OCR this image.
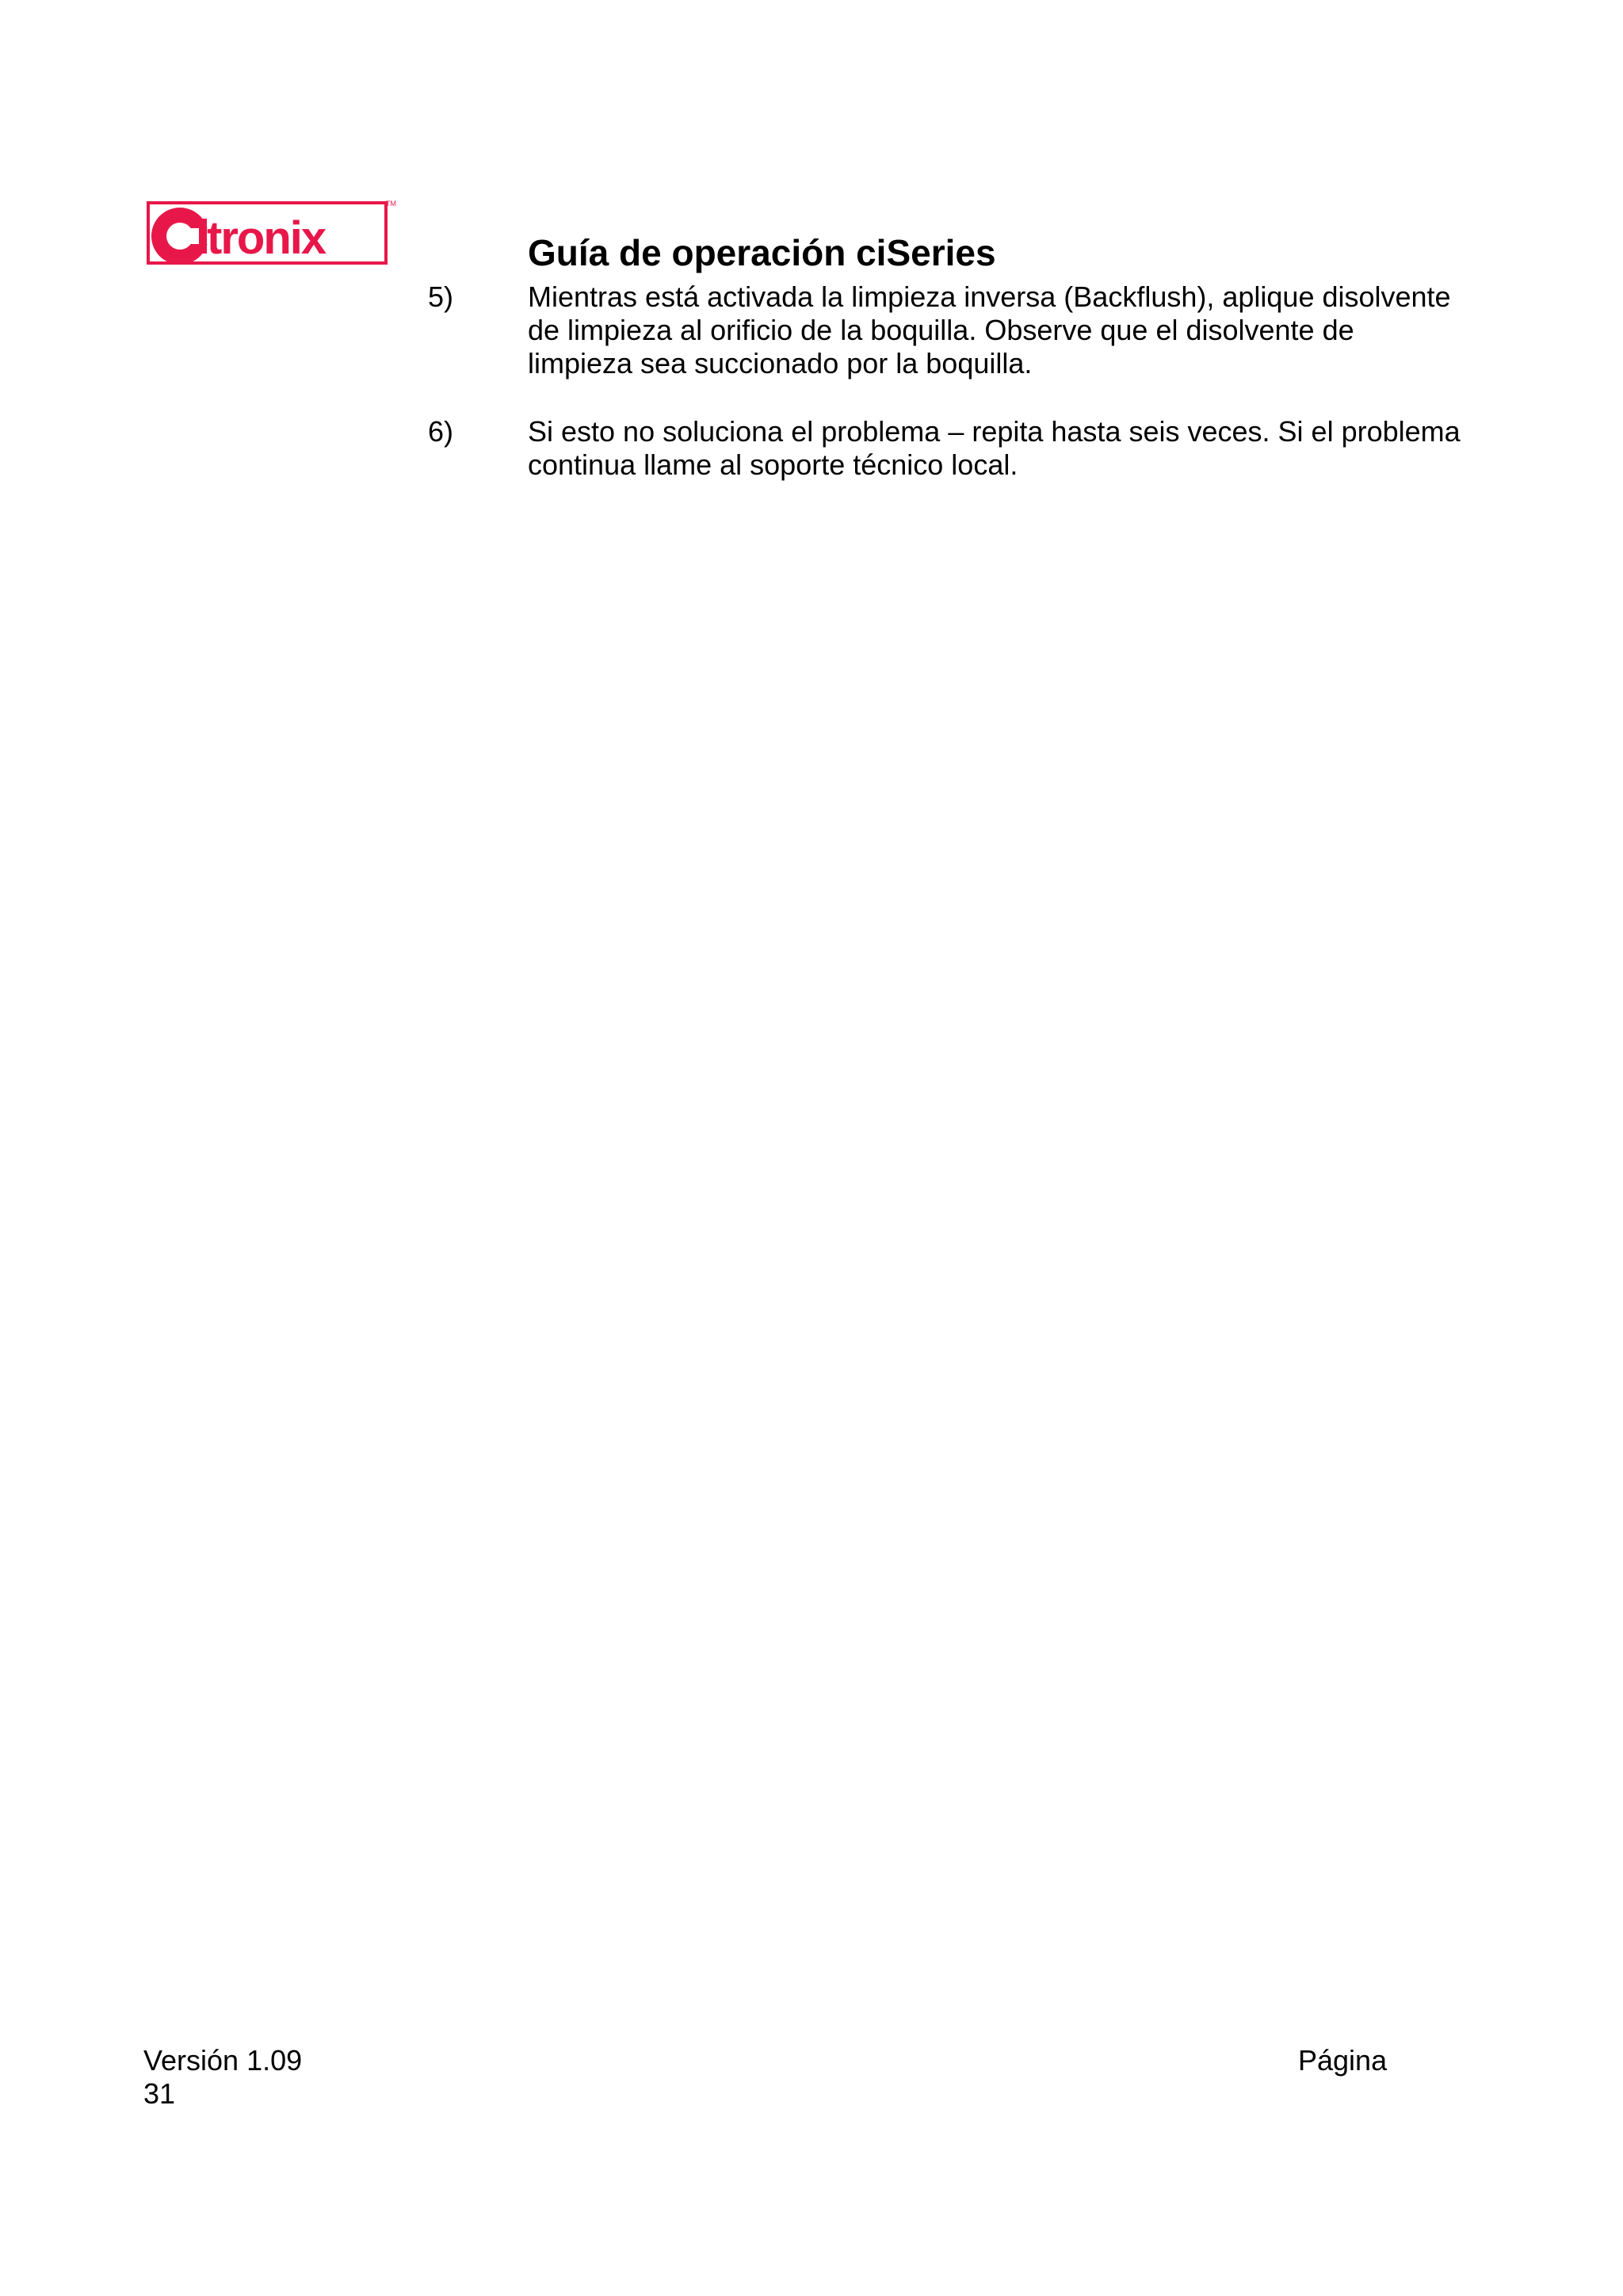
tronix
TM
Guía de operación ciSeries
5)	Mientras está activada la limpieza inversa (Backflush), aplique disolvente
de limpieza al orificio de la boquilla. Observe que el disolvente de
limpieza sea succionado por la boquilla.
6)	Si esto no soluciona el problema – repita hasta seis veces. Si el problema
continua llame al soporte técnico local.
Versión 1.09	Página
31
